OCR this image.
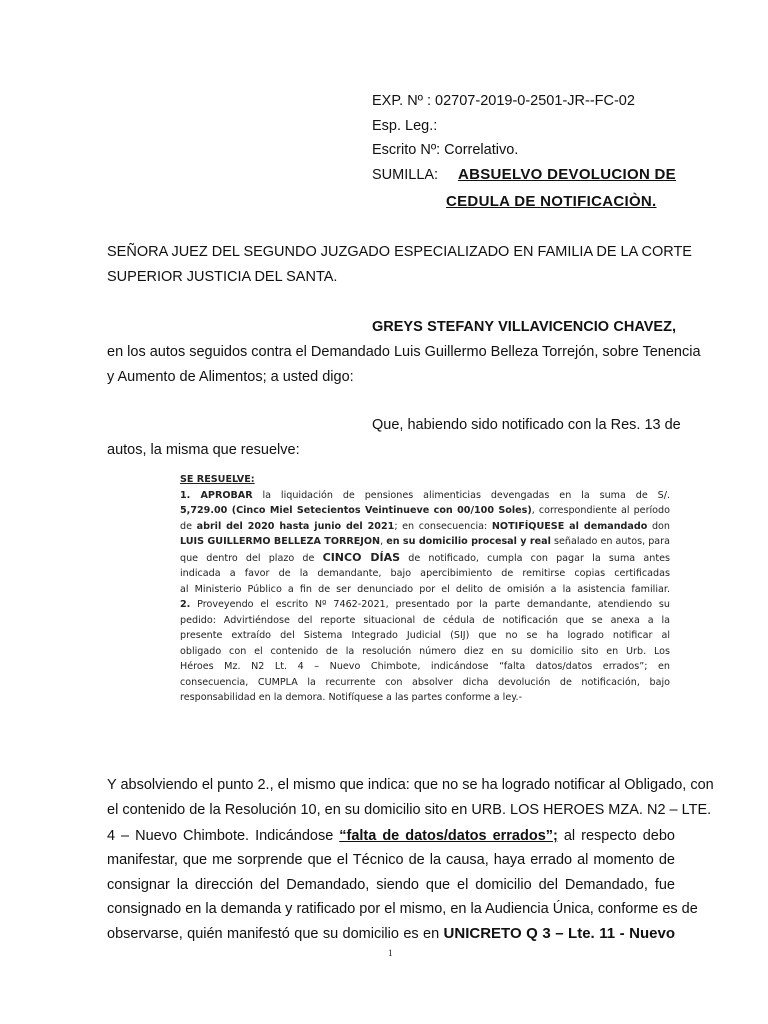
EXP. Nº : 02707-2019-0-2501-JR--FC-02
Esp. Leg.:
Escrito Nº: Correlativo.
SUMILLA: ABSUELVO DEVOLUCION DE
CEDULA DE NOTIFICACIÒN.
SEÑORA JUEZ DEL SEGUNDO JUZGADO ESPECIALIZADO EN FAMILIA DE LA CORTE
SUPERIOR JUSTICIA DEL SANTA.
GREYS STEFANY VILLAVICENCIO CHAVEZ,
en los autos seguidos contra el Demandado Luis Guillermo Belleza Torrejón, sobre Tenencia
y Aumento de Alimentos; a usted digo:
Que, habiendo sido notificado con la Res. 13 de
autos, la misma que resuelve:
SE RESUELVE:
1. APROBAR la liquidación de pensiones alimenticias devengadas en la suma de S/.
5,729.00 (Cinco Miel Setecientos Veintinueve con 00/100 Soles), correspondiente al período
de abril del 2020 hasta junio del 2021; en consecuencia: NOTIFÍQUESE al demandado don
LUIS GUILLERMO BELLEZA TORREJON, en su domicilio procesal y real señalado en autos, para
que dentro del plazo de CINCO DÍAS de notificado, cumpla con pagar la suma antes
indicada a favor de la demandante, bajo apercibimiento de remitirse copias certificadas
al Ministerio Público a fin de ser denunciado por el delito de omisión a la asistencia familiar.
2. Proveyendo el escrito Nº 7462-2021, presentado por la parte demandante, atendiendo su
pedido: Advirtiéndose del reporte situacional de cédula de notificación que se anexa a la
presente extraído del Sistema Integrado Judicial (SIJ) que no se ha logrado notificar al
obligado con el contenido de la resolución número diez en su domicilio sito en Urb. Los
Héroes Mz. N2 Lt. 4 – Nuevo Chimbote, indicándose “falta datos/datos errados”; en
consecuencia, CUMPLA la recurrente con absolver dicha devolución de notificación, bajo
responsabilidad en la demora. Notifíquese a las partes conforme a ley.-
Y absolviendo el punto 2., el mismo que indica: que no se ha logrado notificar al Obligado, con
el contenido de la Resolución 10, en su domicilio sito en URB. LOS HEROES MZA. N2 – LTE.
4 – Nuevo Chimbote. Indicándose “falta de datos/datos errados”; al respecto debo
manifestar, que me sorprende que el Técnico de la causa, haya errado al momento de
consignar la dirección del Demandado, siendo que el domicilio del Demandado, fue
consignado en la demanda y ratificado por el mismo, en la Audiencia Única, conforme es de
observarse, quién manifestó que su domicilio es en UNICRETO Q 3 – Lte. 11 - Nuevo
1
